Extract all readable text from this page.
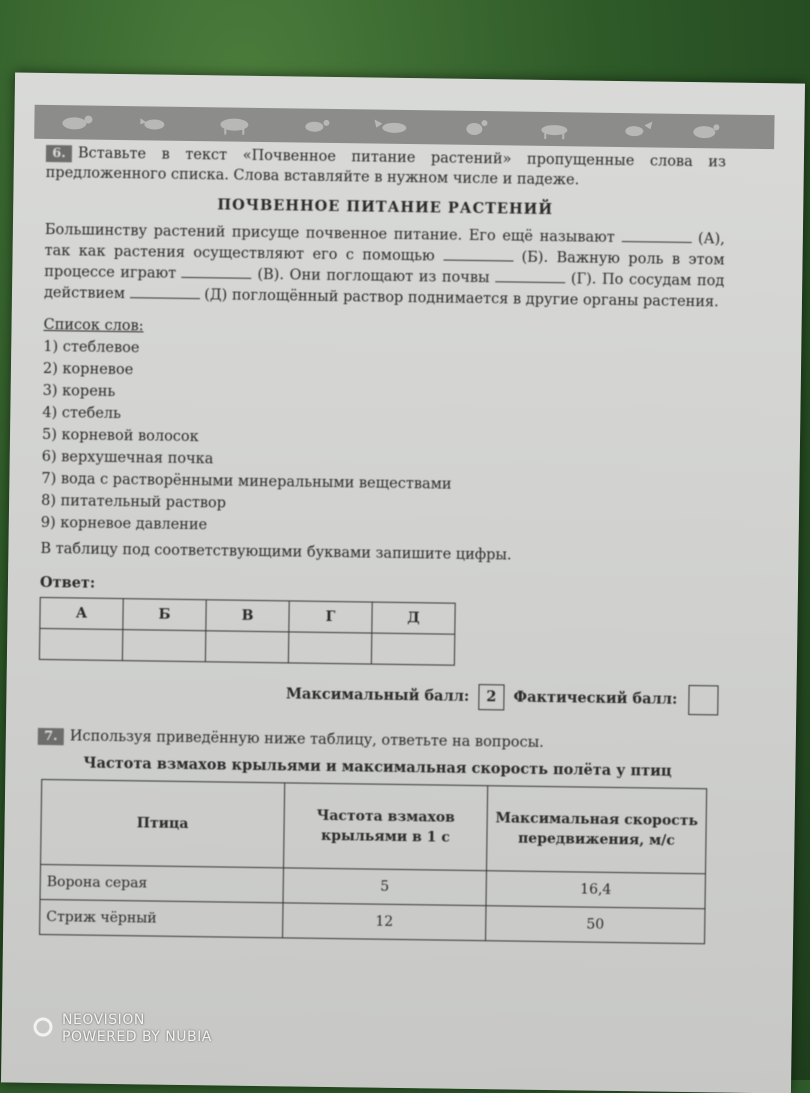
6. Вставьте в текст «Почвенное питание растений» пропущенные слова из предложенного списка. Слова вставляйте в нужном числе и падеже.
ПОЧВЕННОЕ ПИТАНИЕ РАСТЕНИЙ
Большинству растений присуще почвенное питание. Его ещё называют	(А), так как растения осуществляют его с помощью	(Б). Важную роль в этом процессе играют	(В). Они поглощают из почвы	(Г). По сосудам под действием	(Д) поглощённый раствор поднимается в другие органы растения.
Список слов:
1) стеблевое
2) корневое
3) корень
4) стебель
5) корневой волосок
6) верхушечная почка
7) вода с растворёнными минеральными веществами
8) питательный раствор
9) корневое давление
В таблицу под соответствующими буквами запишите цифры.
Ответ:
А	Б	В	Г	Д

Максимальный балл: 2 Фактический балл:
7. Используя приведённую ниже таблицу, ответьте на вопросы.
Частота взмахов крыльями и максимальная скорость полёта у птиц
Птица	Частота взмахов крыльями в 1 с	Максимальная скорость передвижения, м/с
Ворона серая	5	16,4
Стриж чёрный	12	50
NEOVISION
POWERED BY NUBIA
